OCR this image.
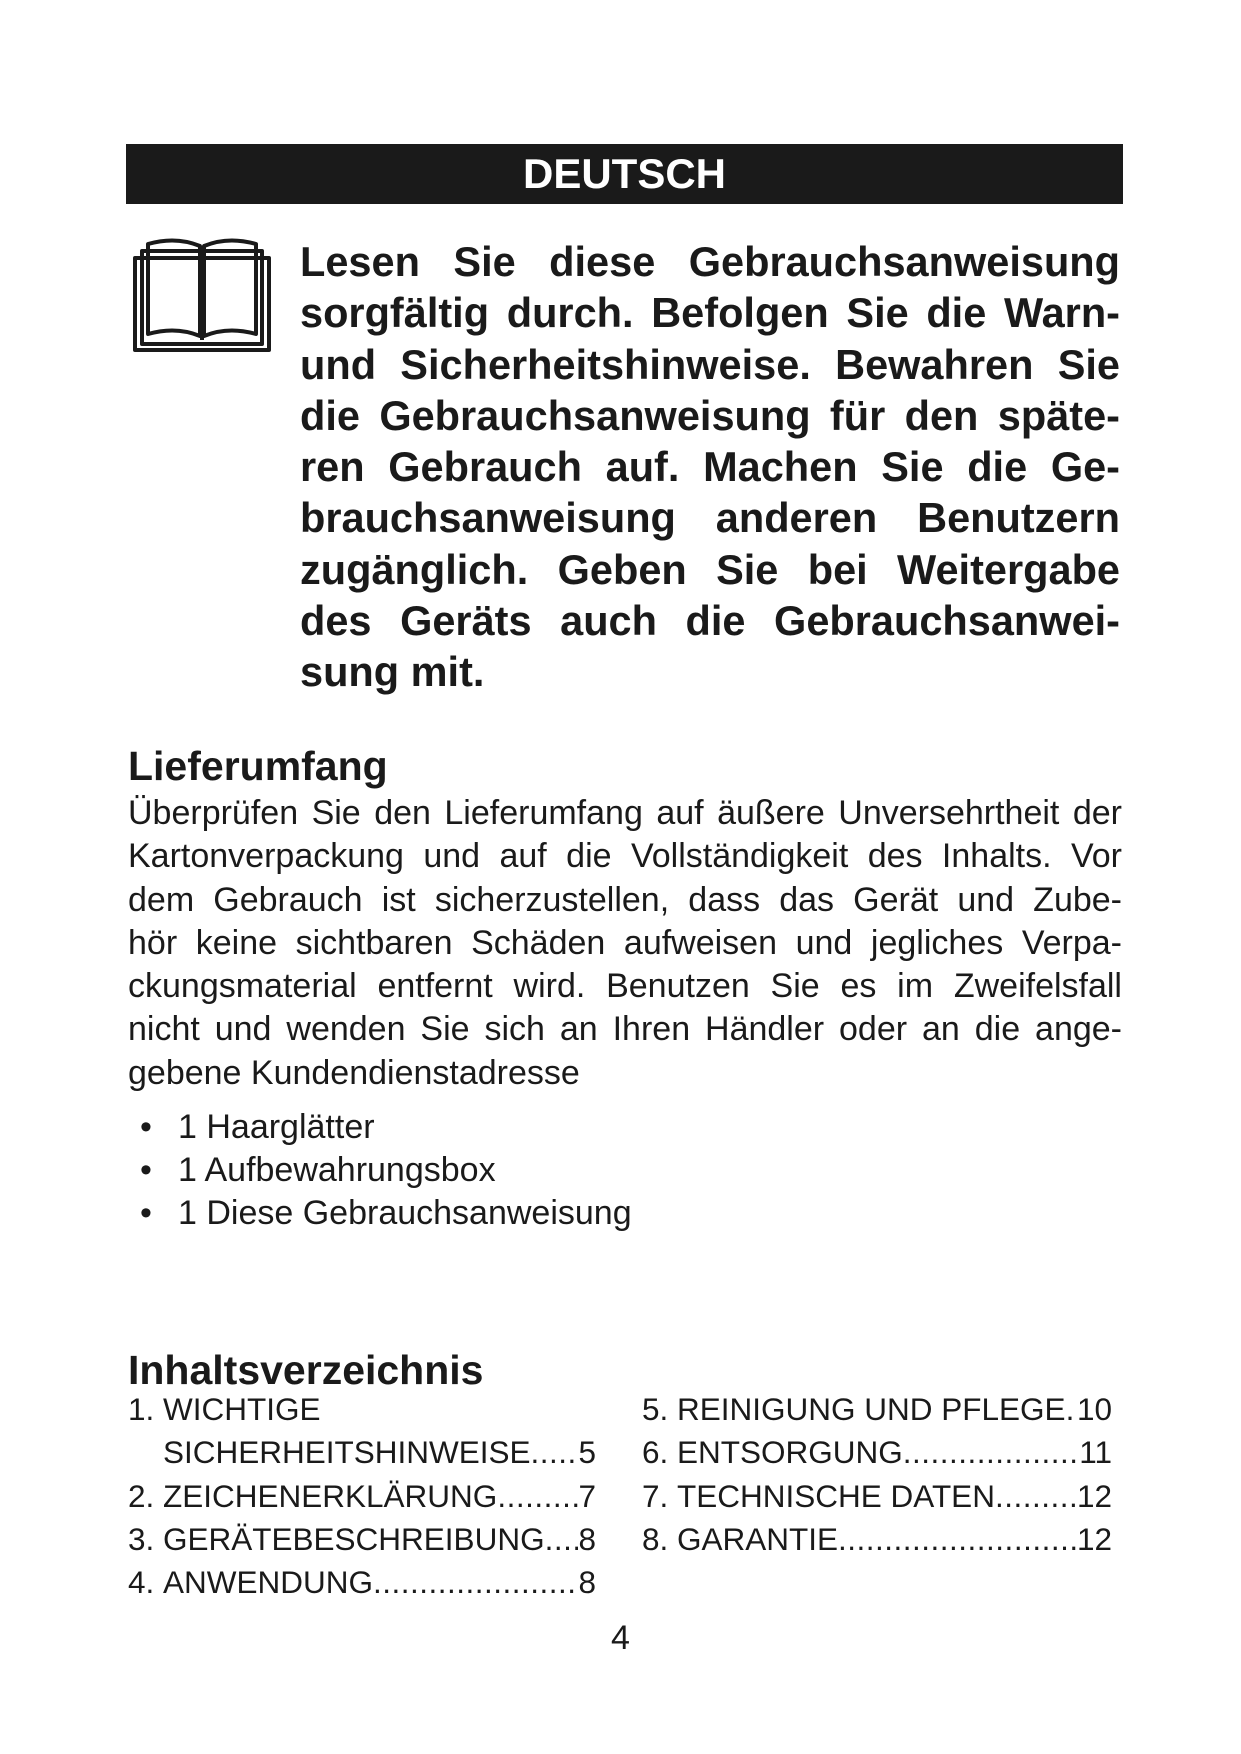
DEUTSCH
Lesen Sie diese Gebrauchsanweisung
sorgfältig durch. Befolgen Sie die Warn-
und Sicherheitshinweise. Bewahren Sie
die Gebrauchsanweisung für den späte-
ren Gebrauch auf. Machen Sie die Ge-
brauchsanweisung anderen Benutzern
zugänglich. Geben Sie bei Weitergabe
des Geräts auch die Gebrauchsanwei-
sung mit.
Lieferumfang
Überprüfen Sie den Lieferumfang auf äußere Unversehrtheit der
Kartonverpackung und auf die Vollständigkeit des Inhalts. Vor
dem Gebrauch ist sicherzustellen, dass das Gerät und Zube-
hör keine sichtbaren Schäden aufweisen und jegliches Verpa-
ckungsmaterial entfernt wird. Benutzen Sie es im Zweifelsfall
nicht und wenden Sie sich an Ihren Händler oder an die ange-
gebene Kundendienstadresse
• 1 Haarglätter
• 1 Aufbewahrungsbox
• 1 Diese Gebrauchsanweisung
Inhaltsverzeichnis
1. WICHTIGE
SICHERHEITSHINWEISE ..... 5
2. ZEICHENERKLÄRUNG .....	7
3. GERÄTEBESCHREIBUNG ..... 8
4. ANWENDUNG .....	8
5. REINIGUNG UND PFLEGE ..... 10
6. ENTSORGUNG .....	11
7. TECHNISCHE DATEN .....	12
8. GARANTIE .....	12
4
